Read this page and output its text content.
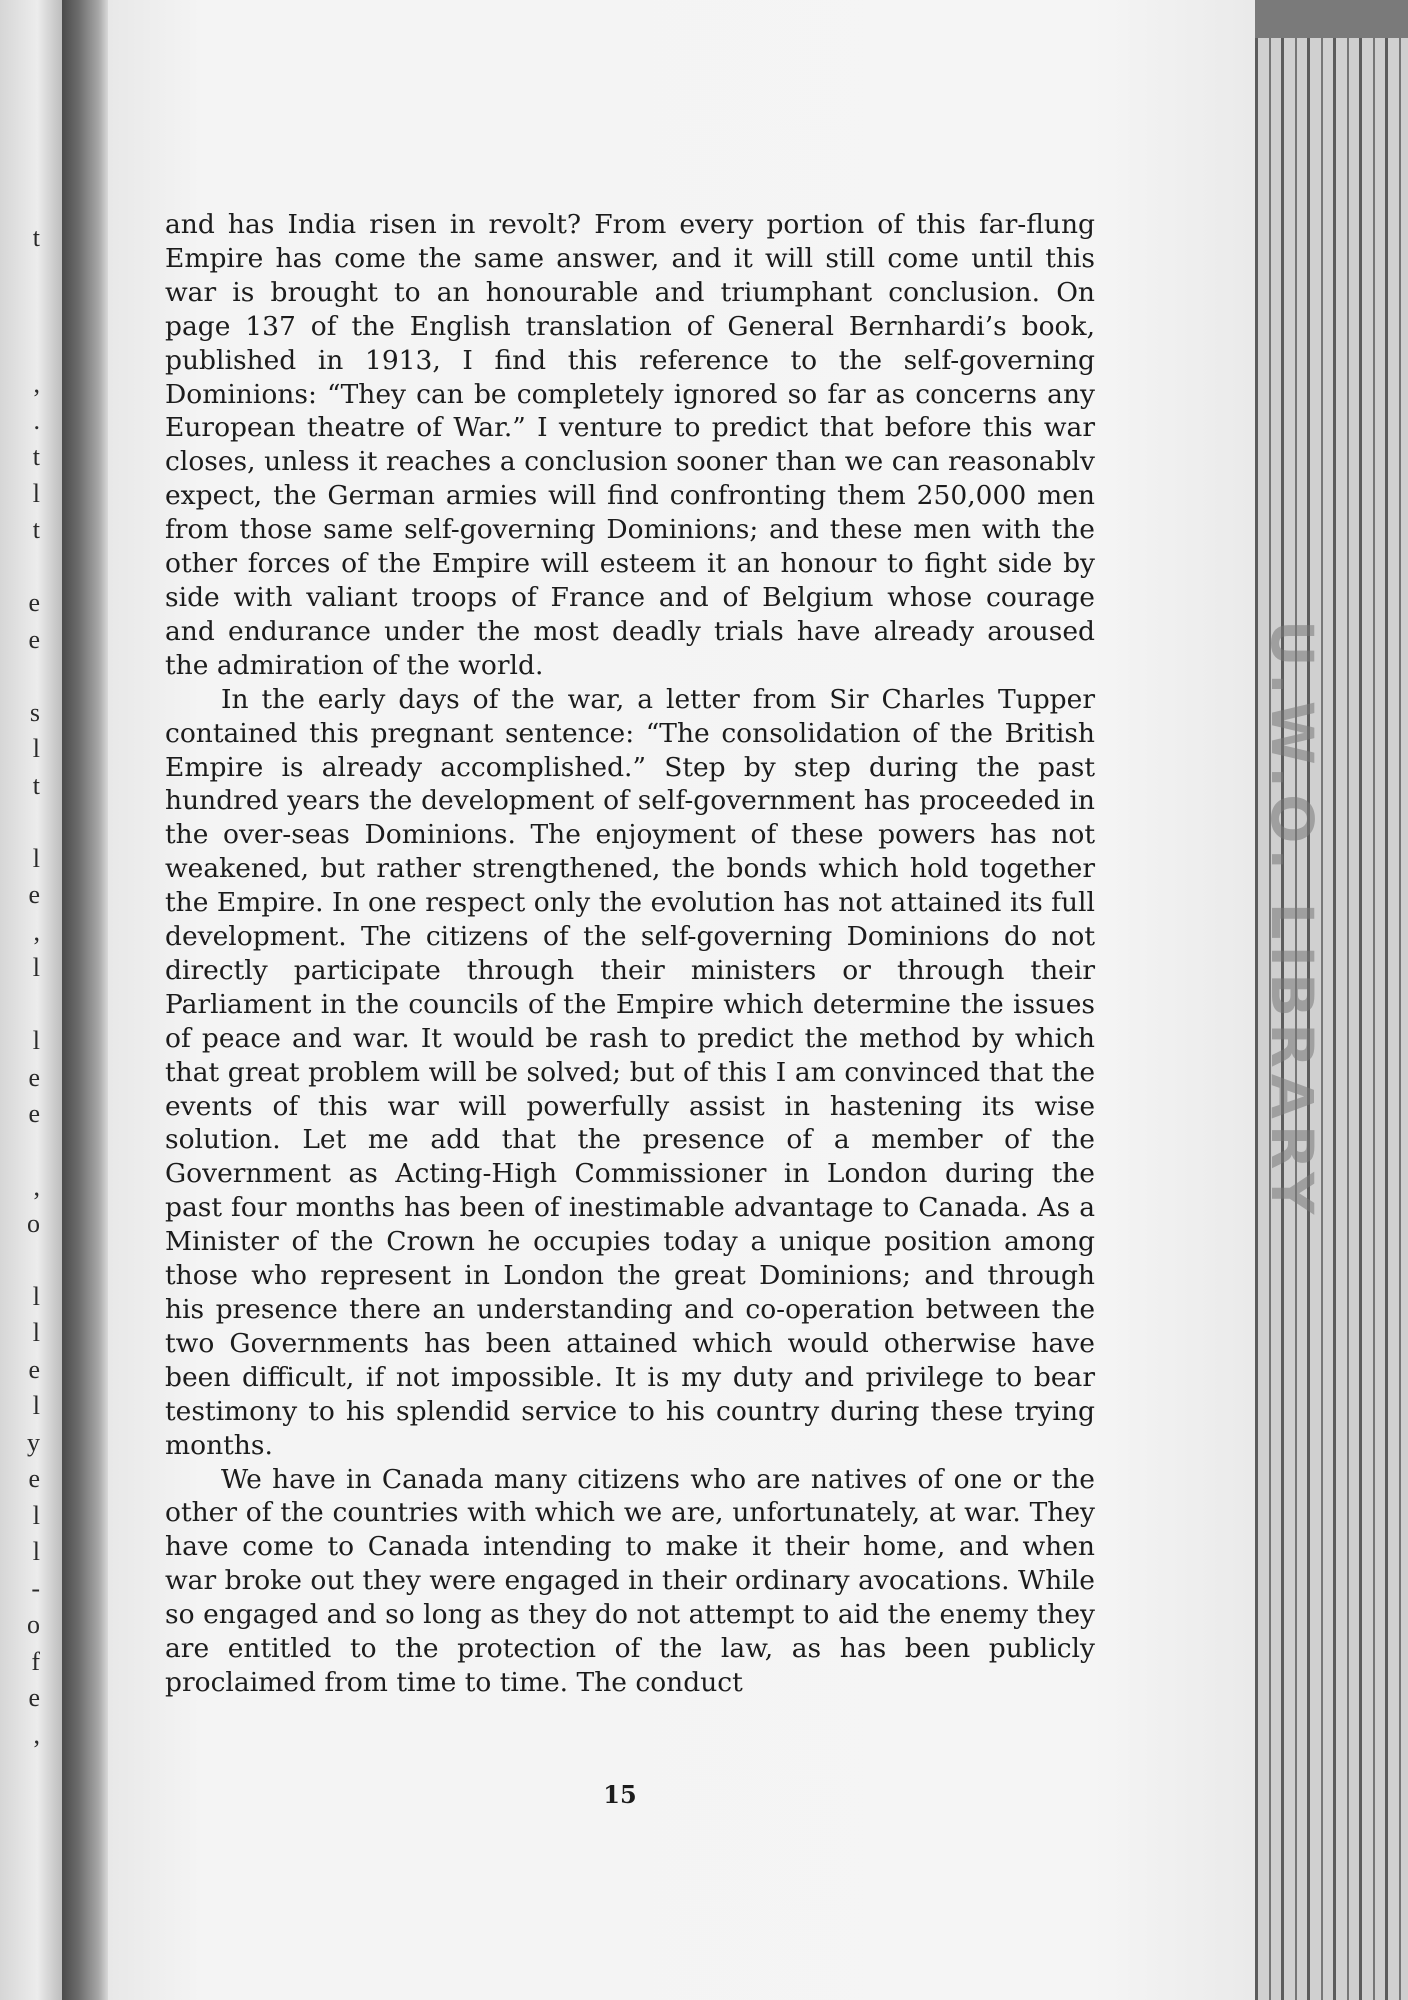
t

,
.
t
l
t

e
e

s
l
t

l
e
,
l

l
e
e

,
o

l
l
e
l
y
e
l
l
-
o
f
e
,
U.W.O. LIBRARY

and has India risen in revolt? From every portion of this far-flung Empire has come the same answer, and it will still come until this war is brought to an honourable and triumphant conclusion. On page 137 of the English translation of General Bernhardi’s book, published in 1913, I find this reference to the self-governing Dominions: “They can be completely ignored so far as concerns any European theatre of War.” I venture to predict that before this war closes, unless it reaches a conclusion sooner than we can reasonablv expect, the German armies will find confronting them 250,000 men from those same self-governing Dominions; and these men with the other forces of the Empire will esteem it an honour to fight side by side with valiant troops of France and of Belgium whose courage and endurance under the most deadly trials have already aroused the admiration of the world.

In the early days of the war, a letter from Sir Charles Tupper contained this pregnant sentence: “The consolidation of the British Empire is already accomplished.” Step by step during the past hundred years the development of self-government has proceeded in the over-seas Dominions. The enjoyment of these powers has not weakened, but rather strengthened, the bonds which hold together the Empire. In one respect only the evolution has not attained its full development. The citizens of the self-governing Dominions do not directly participate through their ministers or through their Parliament in the councils of the Empire which determine the issues of peace and war. It would be rash to predict the method by which that great problem will be solved; but of this I am convinced that the events of this war will powerfully assist in hastening its wise solution. Let me add that the presence of a member of the Government as Acting-High Commissioner in London during the past four months has been of inestimable advantage to Canada. As a Minister of the Crown he occupies today a unique position among those who represent in London the great Dominions; and through his presence there an understanding and co-operation between the two Governments has been attained which would otherwise have been difficult, if not impossible. It is my duty and privilege to bear testimony to his splendid service to his country during these trying months.

We have in Canada many citizens who are natives of one or the other of the countries with which we are, unfortunately, at war. They have come to Canada intending to make it their home, and when war broke out they were engaged in their ordinary avocations. While so engaged and so long as they do not attempt to aid the enemy they are entitled to the protection of the law, as has been publicly proclaimed from time to time. The conduct

15
